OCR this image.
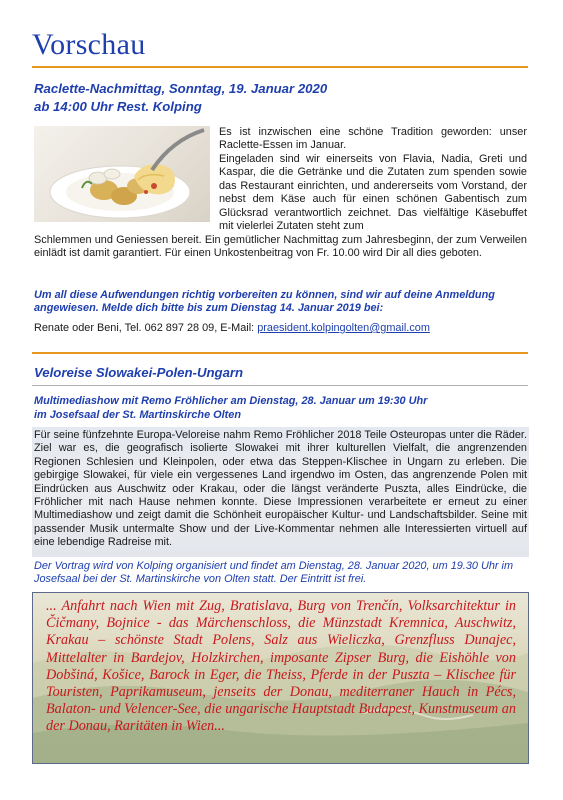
Vorschau

Raclette-Nachmittag, Sonntag, 19. Januar 2020

ab 14:00 Uhr Rest. Kolping

Es ist inzwischen eine schöne Tradition geworden: unser Raclette-Essen im Januar.

Eingeladen sind wir einerseits von Flavia, Nadia, Greti und Kaspar, die die Getränke und die Zutaten zum spenden sowie das Restaurant einrichten, und andererseits vom Vorstand, der nebst dem Käse auch für einen schönen Gabentisch zum Glücksrad verantwortlich zeichnet. Das vielfältige Käsebuffet mit vielerlei Zutaten steht zum

Schlemmen und Geniessen bereit. Ein gemütlicher Nachmittag zum Jahresbeginn, der zum Verweilen einlädt ist damit garantiert. Für einen Unkostenbeitrag von Fr. 10.00 wird Dir all dies geboten.

Um all diese Aufwendungen richtig vorbereiten zu können, sind wir auf deine Anmeldung angewiesen. Melde dich bitte bis zum Dienstag 14. Januar 2019 bei:

Renate oder Beni, Tel. 062 897 28 09, E-Mail: praesident.kolpingolten@gmail.com

Veloreise Slowakei-Polen-Ungarn

Multimediashow mit Remo Fröhlicher am Dienstag, 28. Januar um 19:30 Uhr

im Josefsaal der St. Martinskirche Olten

Für seine fünfzehnte Europa-Veloreise nahm Remo Fröhlicher 2018 Teile Osteuropas unter die Räder. Ziel war es, die geografisch isolierte Slowakei mit ihrer kulturellen Vielfalt, die angrenzenden Regionen Schlesien und Kleinpolen, oder etwa das Steppen-Klischee in Ungarn zu erleben. Die gebirgige Slowakei, für viele ein vergessenes Land irgendwo im Osten, das angrenzende Polen mit Eindrücken aus Auschwitz oder Krakau, oder die längst veränderte Puszta, alles Eindrücke, die Fröhlicher mit nach Hause nehmen konnte. Diese Impressionen verarbeitete er erneut zu einer Multimediashow und zeigt damit die Schönheit europäischer Kultur- und Landschaftsbilder. Seine mit passender Musik untermalte Show und der Live-Kommentar nehmen alle Interessierten virtuell auf eine lebendige Radreise mit.

Der Vortrag wird von Kolping organisiert und findet am Dienstag, 28. Januar 2020, um 19.30 Uhr im Josefsaal bei der St. Martinskirche von Olten statt. Der Eintritt ist frei.

... Anfahrt nach Wien mit Zug, Bratislava, Burg von Trenčín, Volksarchitektur in Čičmany, Bojnice - das Märchenschloss, die Münzstadt Kremnica, Auschwitz, Krakau – schönste Stadt Polens, Salz aus Wieliczka, Grenzfluss Dunajec, Mittelalter in Bardejov, Holzkirchen, imposante Zipser Burg, die Eishöhle von Dobšiná, Košice, Barock in Eger, die Theiss, Pferde in der Puszta – Klischee für Touristen, Paprikamuseum, jenseits der Donau, mediterraner Hauch in Pécs, Balaton- und Velencer-See, die ungarische Hauptstadt Budapest, Kunstmuseum an der Donau, Raritäten in Wien...
